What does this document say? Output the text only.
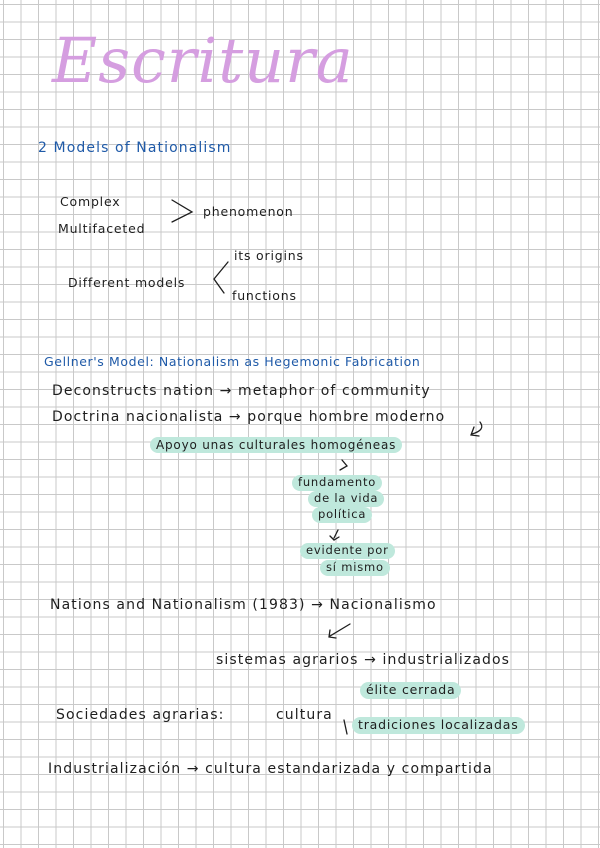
Escritura
2 Models of Nationalism
Complex
Multifaceted
phenomenon
Different models
its origins
functions
Gellner's Model: Nationalism as Hegemonic Fabrication
Deconstructs nation → metaphor of community
Doctrina nacionalista → porque hombre moderno
Apoyo unas culturales homogéneas
fundamento
de la vida
política
evidente por
sí mismo
Nations and Nationalism (1983) → Nacionalismo
sistemas agrarios → industrializados
Sociedades agrarias:	cultura
élite cerrada
tradiciones localizadas
Industrialización → cultura estandarizada y compartida
